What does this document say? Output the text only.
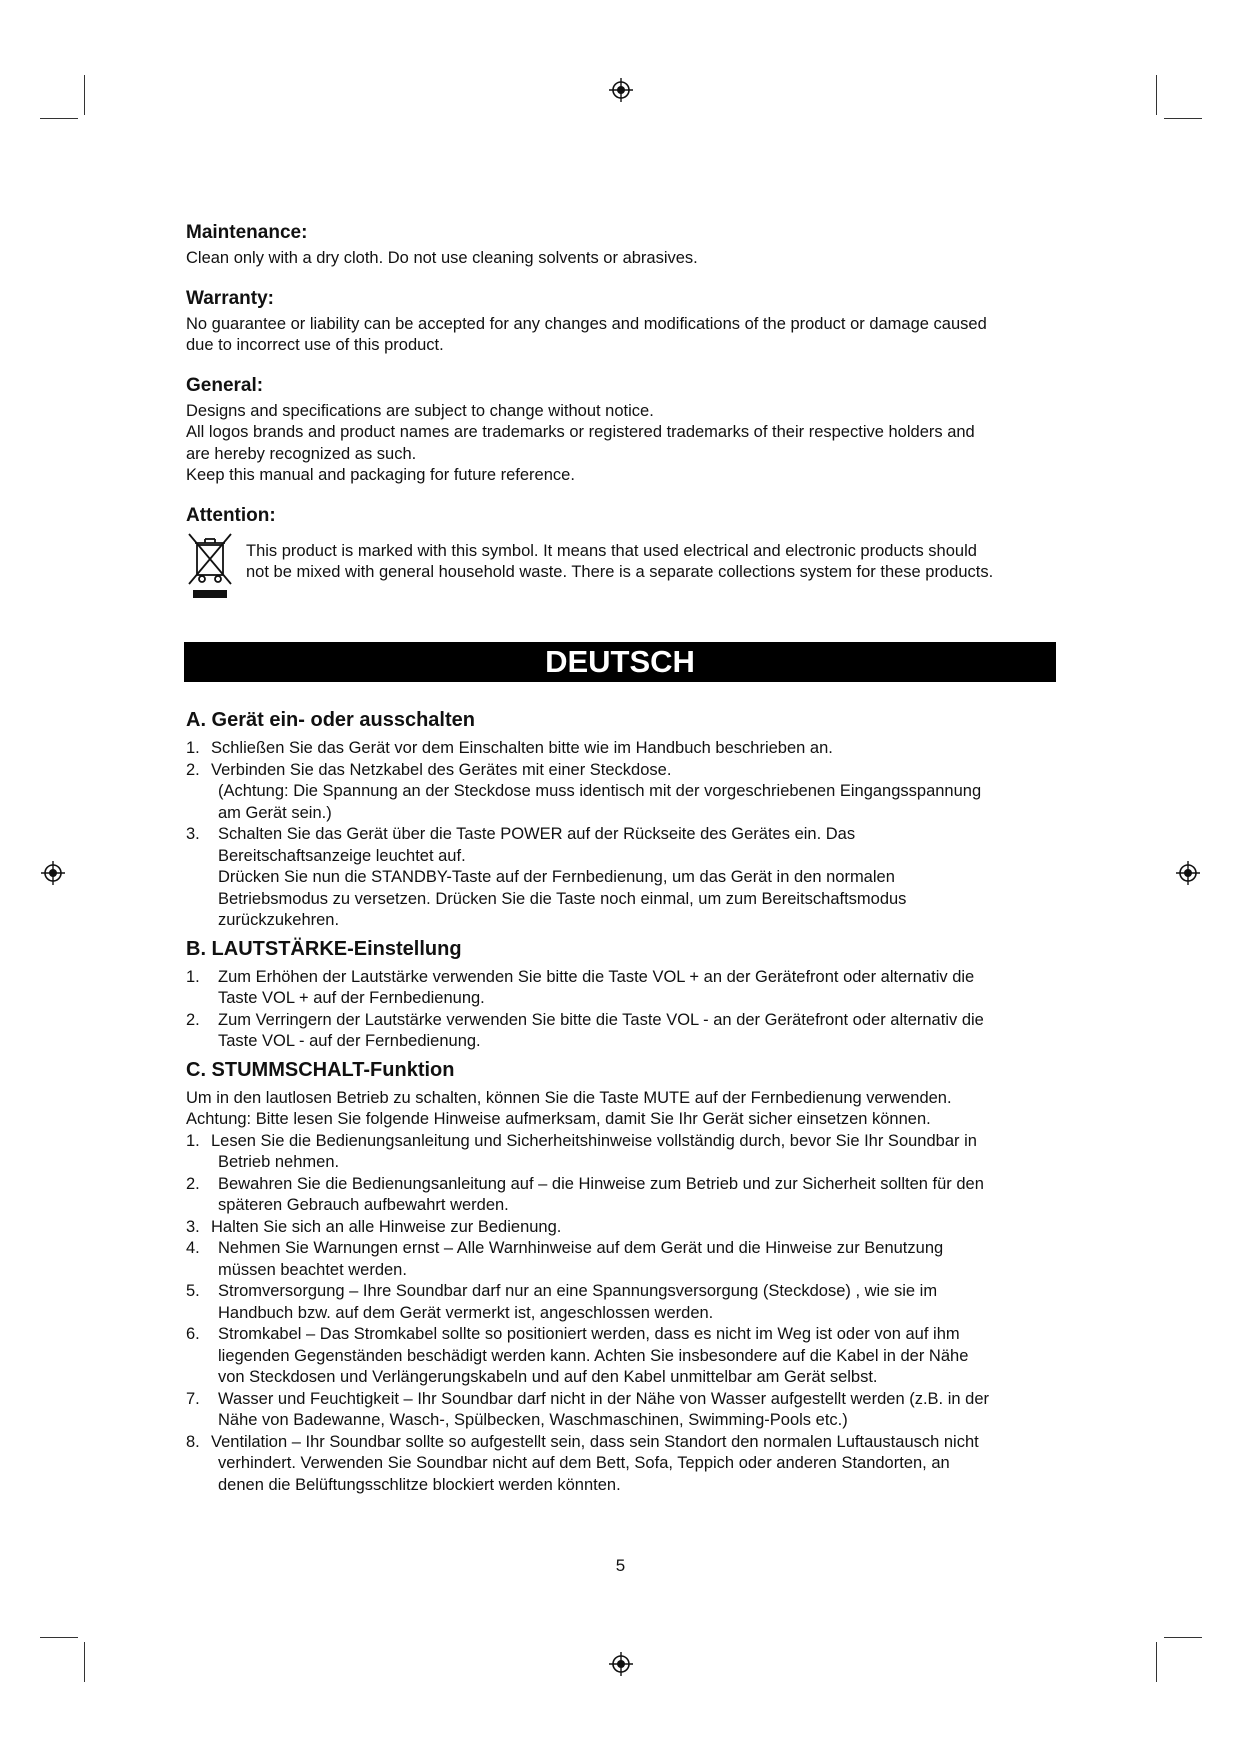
Maintenance:

Clean only with a dry cloth. Do not use cleaning solvents or abrasives.

Warranty:

No guarantee or liability can be accepted for any changes and modifications of the product or damage caused

due to incorrect use of this product.

General:

Designs and specifications are subject to change without notice.

All logos brands and product names are trademarks or registered trademarks of their respective holders and

are hereby recognized as such.

Keep this manual and packaging for future reference.

Attention:
This product is marked with this symbol. It means that used electrical and electronic products should
not be mixed with general household waste. There is a separate collections system for these products.
DEUTSCH
A. Gerät ein- oder ausschalten
1. Schließen Sie das Gerät vor dem Einschalten bitte wie im Handbuch beschrieben an.
2. Verbinden Sie das Netzkabel des Gerätes mit einer Steckdose.
(Achtung: Die Spannung an der Steckdose muss identisch mit der vorgeschriebenen Eingangsspannung
am Gerät sein.)
3.	Schalten Sie das Gerät über die Taste POWER auf der Rückseite des Gerätes ein. Das
Bereitschaftsanzeige leuchtet auf.
Drücken Sie nun die STANDBY-Taste auf der Fernbedienung, um das Gerät in den normalen
Betriebsmodus zu versetzen. Drücken Sie die Taste noch einmal, um zum Bereitschaftsmodus
zurückzukehren.
B. LAUTSTÄRKE-Einstellung
1.	Zum Erhöhen der Lautstärke verwenden Sie bitte die Taste VOL + an der Gerätefront oder alternativ die
Taste VOL + auf der Fernbedienung.
2.	Zum Verringern der Lautstärke verwenden Sie bitte die Taste VOL - an der Gerätefront oder alternativ die
Taste VOL - auf der Fernbedienung.
C. STUMMSCHALT-Funktion
Um in den lautlosen Betrieb zu schalten, können Sie die Taste MUTE auf der Fernbedienung verwenden.
Achtung: Bitte lesen Sie folgende Hinweise aufmerksam, damit Sie Ihr Gerät sicher einsetzen können.
1. Lesen Sie die Bedienungsanleitung und Sicherheitshinweise vollständig durch, bevor Sie Ihr Soundbar in
Betrieb nehmen.
2.	Bewahren Sie die Bedienungsanleitung auf – die Hinweise zum Betrieb und zur Sicherheit sollten für den
späteren Gebrauch aufbewahrt werden.
3. Halten Sie sich an alle Hinweise zur Bedienung.
4.	Nehmen Sie Warnungen ernst – Alle Warnhinweise auf dem Gerät und die Hinweise zur Benutzung
müssen beachtet werden.
5.	Stromversorgung – Ihre Soundbar darf nur an eine Spannungsversorgung (Steckdose) , wie sie im
Handbuch bzw. auf dem Gerät vermerkt ist, angeschlossen werden.
6.	Stromkabel – Das Stromkabel sollte so positioniert werden, dass es nicht im Weg ist oder von auf ihm
liegenden Gegenständen beschädigt werden kann. Achten Sie insbesondere auf die Kabel in der Nähe
von Steckdosen und Verlängerungskabeln und auf den Kabel unmittelbar am Gerät selbst.
7.	Wasser und Feuchtigkeit – Ihr Soundbar darf nicht in der Nähe von Wasser aufgestellt werden (z.B. in der
Nähe von Badewanne, Wasch-, Spülbecken, Waschmaschinen, Swimming-Pools etc.)
8. Ventilation – Ihr Soundbar sollte so aufgestellt sein, dass sein Standort den normalen Luftaustausch nicht
verhindert. Verwenden Sie Soundbar nicht auf dem Bett, Sofa, Teppich oder anderen Standorten, an
denen die Belüftungsschlitze blockiert werden könnten.
5
